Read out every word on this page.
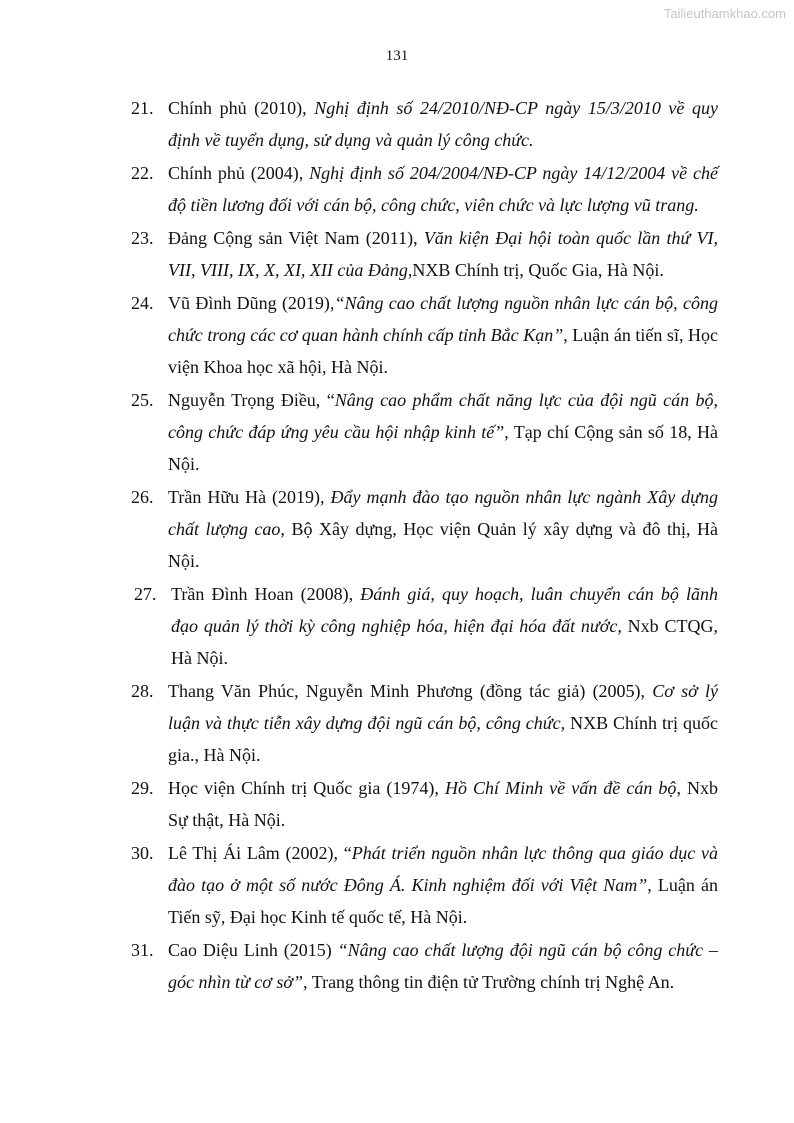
Tailieuthamkhao.com
131
21. Chính phủ (2010), Nghị định số 24/2010/NĐ-CP ngày 15/3/2010 về quy định về tuyển dụng, sử dụng và quản lý công chức.
22. Chính phủ (2004), Nghị định số 204/2004/NĐ-CP ngày 14/12/2004 về chế độ tiền lương đối với cán bộ, công chức, viên chức và lực lượng vũ trang.
23. Đảng Cộng sản Việt Nam (2011), Văn kiện Đại hội toàn quốc lần thứ VI, VII, VIII, IX, X, XI, XII của Đảng,NXB Chính trị, Quốc Gia, Hà Nội.
24. Vũ Đình Dũng (2019),“Nâng cao chất lượng nguồn nhân lực cán bộ, công chức trong các cơ quan hành chính cấp tỉnh Bắc Kạn”, Luận án tiến sĩ, Học viện Khoa học xã hội, Hà Nội.
25. Nguyễn Trọng Điều, “Nâng cao phẩm chất năng lực của đội ngũ cán bộ, công chức đáp ứng yêu cầu hội nhập kinh tế”, Tạp chí Cộng sản số 18, Hà Nội.
26. Trần Hữu Hà (2019), Đẩy mạnh đào tạo nguồn nhân lực ngành Xây dựng chất lượng cao, Bộ Xây dựng, Học viện Quản lý xây dựng và đô thị, Hà Nội.
27. Trần Đình Hoan (2008), Đánh giá, quy hoạch, luân chuyển cán bộ lãnh đạo quản lý thời kỳ công nghiệp hóa, hiện đại hóa đất nước, Nxb CTQG, Hà Nội.
28. Thang Văn Phúc, Nguyễn Minh Phương (đồng tác giả) (2005), Cơ sở lý luận và thực tiễn xây dựng đội ngũ cán bộ, công chức, NXB Chính trị quốc gia., Hà Nội.
29. Học viện Chính trị Quốc gia (1974), Hồ Chí Minh về vấn đề cán bộ, Nxb Sự thật, Hà Nội.
30. Lê Thị Ái Lâm (2002), “Phát triển nguồn nhân lực thông qua giáo dục và đào tạo ở một số nước Đông Á. Kinh nghiệm đối với Việt Nam”, Luận án Tiến sỹ, Đại học Kinh tế quốc tế, Hà Nội.
31. Cao Diệu Linh (2015) “Nâng cao chất lượng đội ngũ cán bộ công chức – góc nhìn từ cơ sở”, Trang thông tin điện tử Trường chính trị Nghệ An.
